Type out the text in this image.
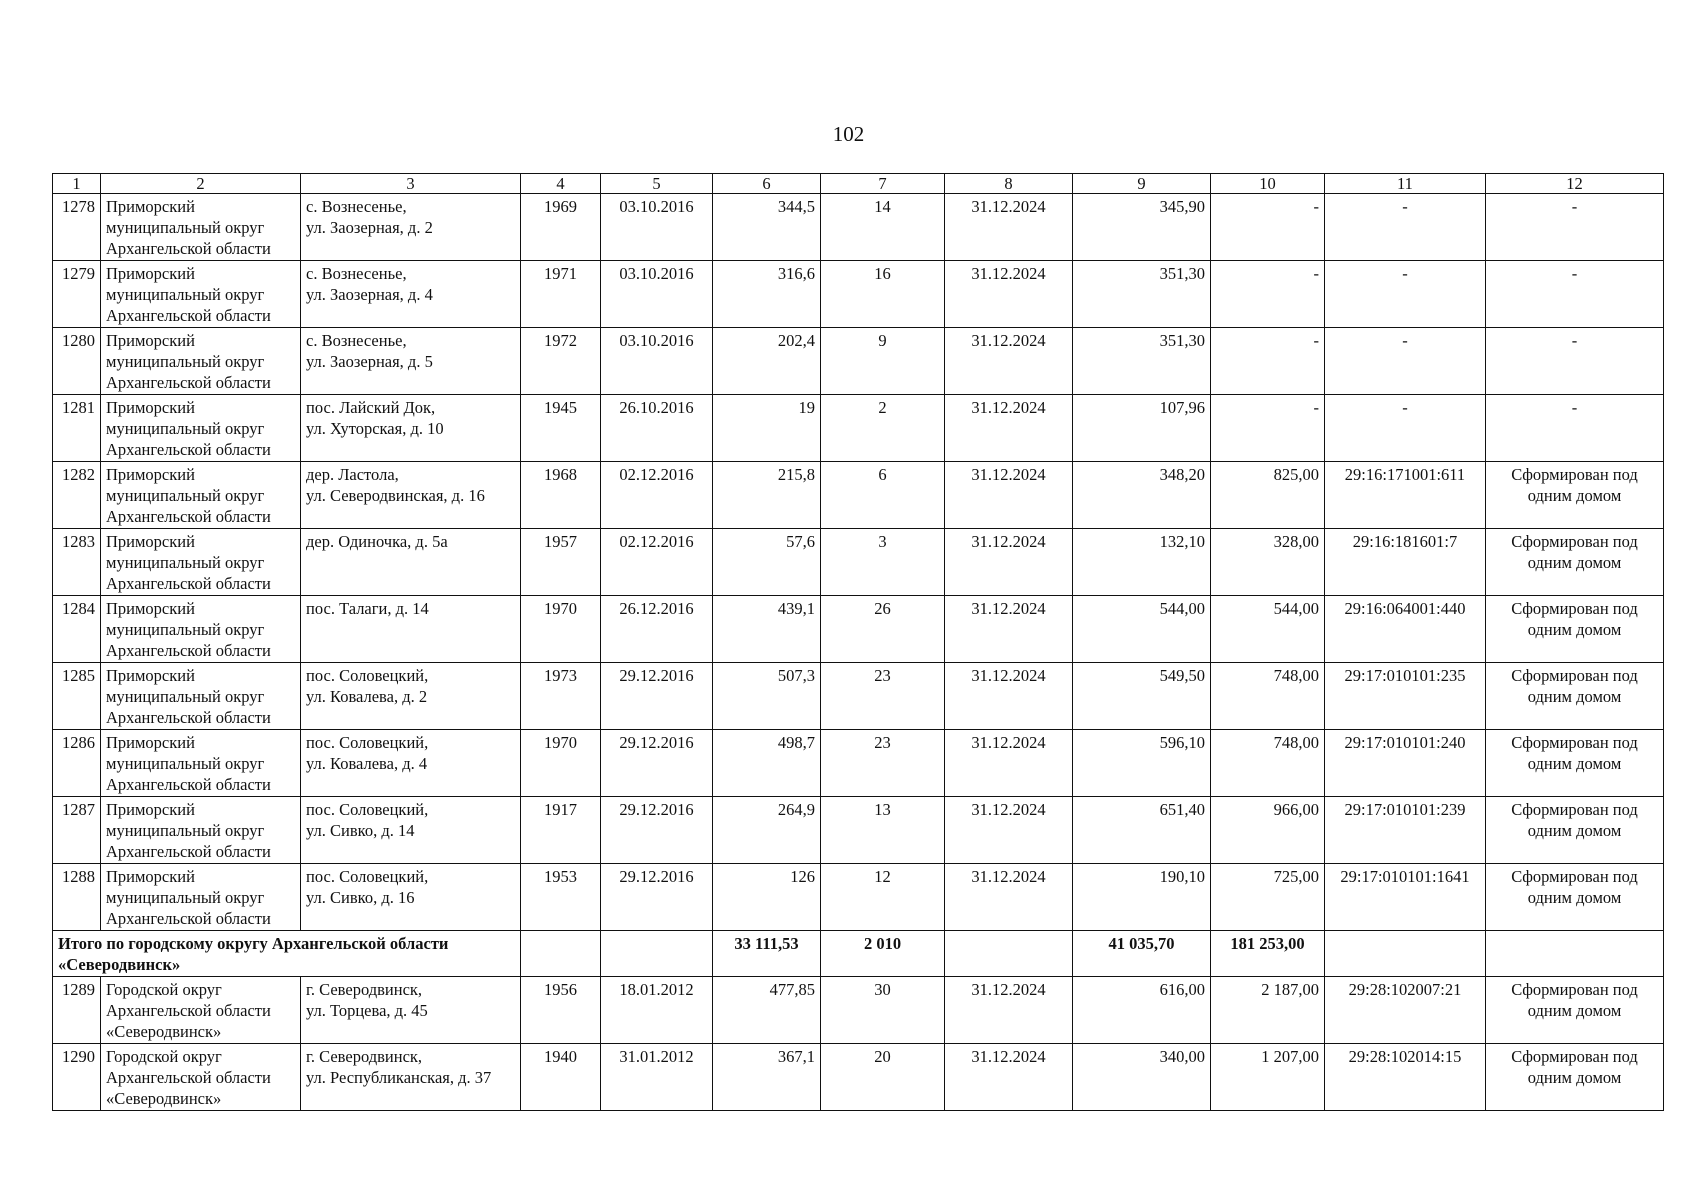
102
1	2	3	4	5	6	7	8	9	10	11	12
1278	Приморский
муниципальный округ
Архангельской области	с. Вознесенье,
ул. Заозерная, д. 2	1969	03.10.2016	344,5	14	31.12.2024	345,90	-	-	-
1279	Приморский
муниципальный округ
Архангельской области	с. Вознесенье,
ул. Заозерная, д. 4	1971	03.10.2016	316,6	16	31.12.2024	351,30	-	-	-
1280	Приморский
муниципальный округ
Архангельской области	с. Вознесенье,
ул. Заозерная, д. 5	1972	03.10.2016	202,4	9	31.12.2024	351,30	-	-	-
1281	Приморский
муниципальный округ
Архангельской области	пос. Лайский Док,
ул. Хуторская, д. 10	1945	26.10.2016	19	2	31.12.2024	107,96	-	-	-
1282	Приморский
муниципальный округ
Архангельской области	дер. Ластола,
ул. Северодвинская, д. 16	1968	02.12.2016	215,8	6	31.12.2024	348,20	825,00	29:16:171001:611	Сформирован под
одним домом
1283	Приморский
муниципальный округ
Архангельской области	дер. Одиночка, д. 5а	1957	02.12.2016	57,6	3	31.12.2024	132,10	328,00	29:16:181601:7	Сформирован под
одним домом
1284	Приморский
муниципальный округ
Архангельской области	пос. Талаги, д. 14	1970	26.12.2016	439,1	26	31.12.2024	544,00	544,00	29:16:064001:440	Сформирован под
одним домом
1285	Приморский
муниципальный округ
Архангельской области	пос. Соловецкий,
ул. Ковалева, д. 2	1973	29.12.2016	507,3	23	31.12.2024	549,50	748,00	29:17:010101:235	Сформирован под
одним домом
1286	Приморский
муниципальный округ
Архангельской области	пос. Соловецкий,
ул. Ковалева, д. 4	1970	29.12.2016	498,7	23	31.12.2024	596,10	748,00	29:17:010101:240	Сформирован под
одним домом
1287	Приморский
муниципальный округ
Архангельской области	пос. Соловецкий,
ул. Сивко, д. 14	1917	29.12.2016	264,9	13	31.12.2024	651,40	966,00	29:17:010101:239	Сформирован под
одним домом
1288	Приморский
муниципальный округ
Архангельской области	пос. Соловецкий,
ул. Сивко, д. 16	1953	29.12.2016	126	12	31.12.2024	190,10	725,00	29:17:010101:1641	Сформирован под
одним домом
Итого по городскому округу Архангельской области
«Северодвинск»					33 111,53	2 010		41 035,70	181 253,00		
1289	Городской округ
Архангельской области
«Северодвинск»	г. Северодвинск,
ул. Торцева, д. 45	1956	18.01.2012	477,85	30	31.12.2024	616,00	2 187,00	29:28:102007:21	Сформирован под
одним домом
1290	Городской округ
Архангельской области
«Северодвинск»	г. Северодвинск,
ул. Республиканская, д. 37	1940	31.01.2012	367,1	20	31.12.2024	340,00	1 207,00	29:28:102014:15	Сформирован под
одним домом
